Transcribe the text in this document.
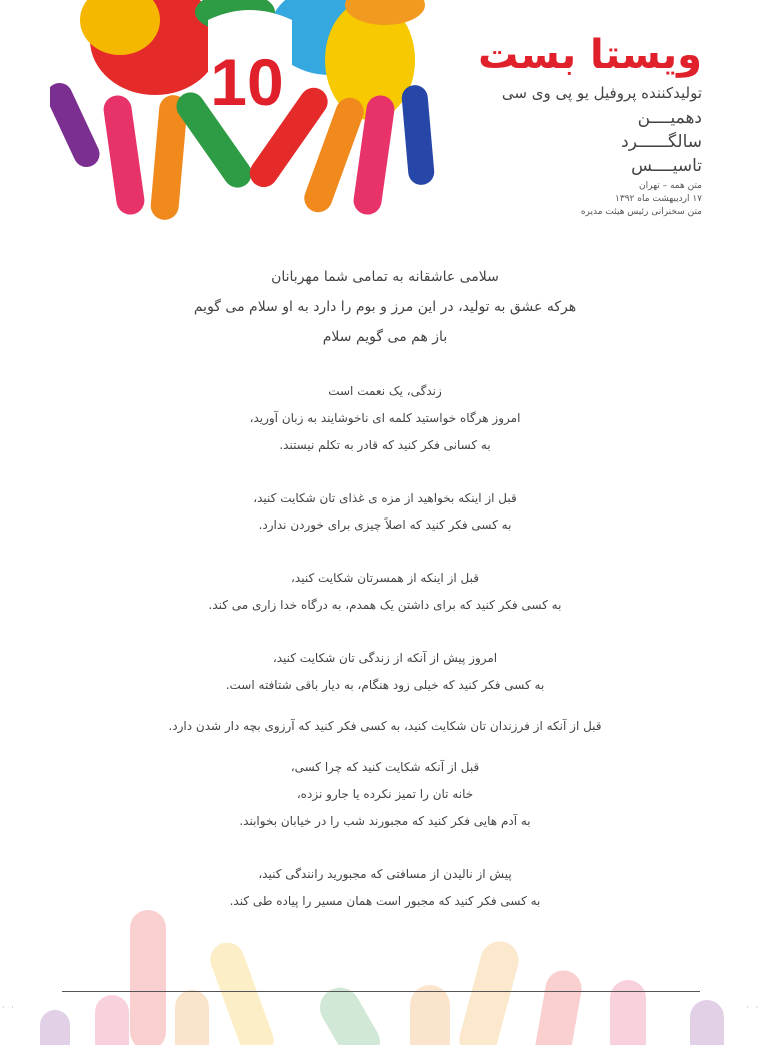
10	ویستا بست
تولیدکننده پروفیل یو پی وی سی
دهمیــــن
سالگــــــرد
تاسیــــس
متن همه – تهران
۱۷ اردیبهشت ماه ۱۳۹۲
متن سخنرانی رئیس هیئت مدیره

سلامی عاشقانه به تمامی شما مهربانان

هرکه عشق به تولید، در این مرز و بوم را دارد به او سلام می گویم

باز هم می گویم سلام

زندگی، یک نعمت است

امروز هرگاه خواستید کلمه ای ناخوشایند به زبان آورید،

به کسانی فکر کنید که قادر به تکلم نیستند.

قبل از اینکه بخواهید از مزه ی غذای تان شکایت کنید،

به کسی فکر کنید که اصلاً چیزی برای خوردن ندارد.

قبل از اینکه از همسرتان شکایت کنید،

به کسی فکر کنید که برای داشتن یک همدم، به درگاه خدا زاری می کند.

امروز پیش از آنکه از زندگی تان شکایت کنید،

به کسی فکر کنید که خیلی زود هنگام، به دیار باقی شتافته است.

قبل از آنکه از فرزندان تان شکایت کنید، به کسی فکر کنید که آرزوی بچه دار شدن دارد.

قبل از آنکه شکایت کنید که چرا کسی،

خانه تان را تمیز نکرده یا جارو نزده،

به آدم هایی فکر کنید که مجبورند شب را در خیابان بخوابند.

پیش از نالیدن از مسافتی که مجبورید رانندگی کنید،

به کسی فکر کنید که مجبور است همان مسیر را پیاده طی کند.

· ·	· ·
